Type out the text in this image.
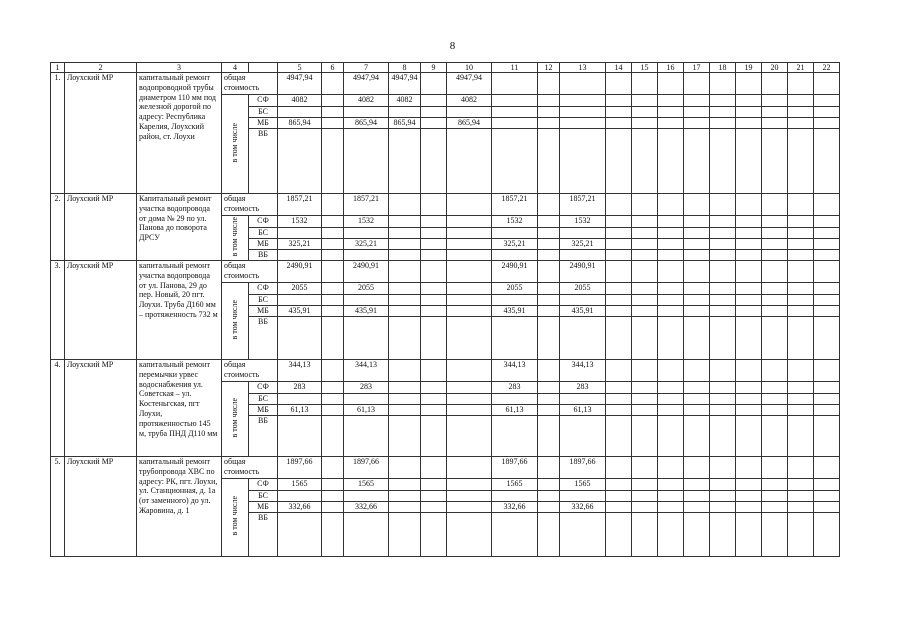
8
1	2	3	4		5	6	7	8	9	10	11	12	13	14	15	16	17	18	19	20	21	22
1.	Лоухский МР	капитальный ремонт водопроводной трубы диаметром 110 мм под железной дорогой по адресу: Республика Карелия, Лоухский район, ст. Лоухи	общая стоимость		4947,94		4947,94	4947,94		4947,94												
			в том числе	СФ	4082		4082	4082		4082												
				БС																		
				МБ	865,94		865,94	865,94		865,94												
				ВБ																		
2.	Лоухский МР	Капитальный ремонт участка водопровода от дома № 29 по ул. Панова до поворота ДРСУ	общая стоимость		1857,21		1857,21				1857,21		1857,21									
			в том числе	СФ	1532		1532				1532		1532									
				БС																		
				МБ	325,21		325,21				325,21		325,21									
				ВБ																		
3.	Лоухский МР	капитальный ремонт участка водопровода от ул. Панова, 29 до пер. Новый, 20 пгт. Лоухи. Труба Д160 мм – протяженность 732 м	общая стоимость		2490,91		2490,91				2490,91		2490,91									
			в том числе	СФ	2055		2055				2055		2055									
				БС																		
				МБ	435,91		435,91				435,91		435,91									
				ВБ																		
4.	Лоухский МР	капитальный ремонт перемычки урвес водоснабжения ул. Советская – ул. Костеньгская, пгт Лоухи, протяженностью 145 м, труба ПНД Д110 мм	общая стоимость		344,13		344,13				344,13		344,13									
			в том числе	СФ	283		283				283		283									
				БС																		
				МБ	61,13		61,13				61,13		61,13									
				ВБ																		
5.	Лоухский МР	капитальный ремонт трубопровода ХВС по адресу: РК, пгт. Лоухи, ул. Станционная, д. 1а (от заменного) до ул. Жаровина, д. 1	общая стоимость		1897,66		1897,66				1897,66		1897,66									
			в том числе	СФ	1565		1565				1565		1565									
				БС																		
				МБ	332,66		332,66				332,66		332,66									
				ВБ																		
